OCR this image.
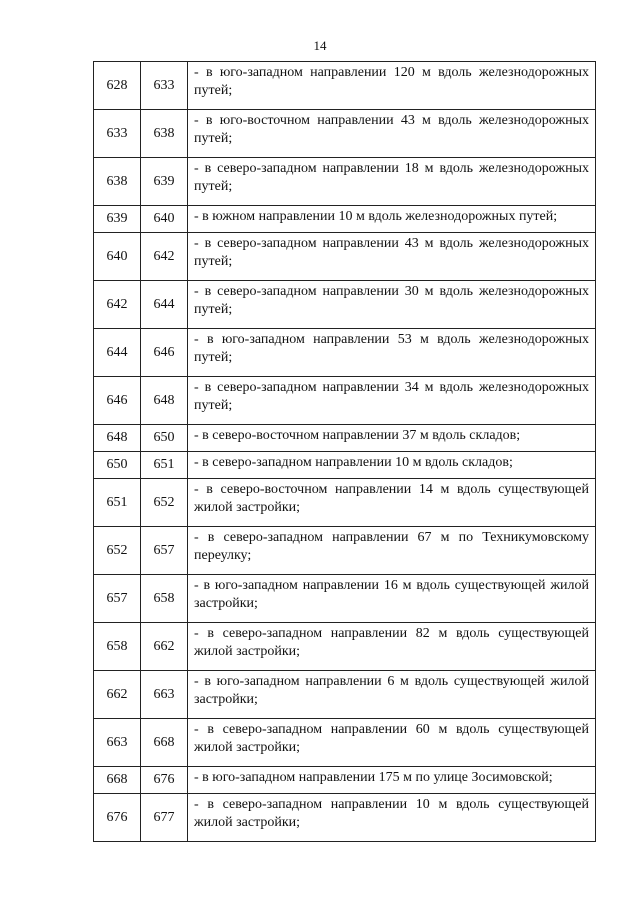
14
628	633	- в юго-западном направлении 120 м вдоль железнодорожных путей;
633	638	- в юго-восточном направлении 43 м вдоль железнодорожных путей;
638	639	- в северо-западном направлении 18 м вдоль железнодорожных путей;
639	640	- в южном направлении 10 м вдоль железнодорожных путей;
640	642	- в северо-западном направлении 43 м вдоль железнодорожных путей;
642	644	- в северо-западном направлении 30 м вдоль железнодорожных путей;
644	646	- в юго-западном направлении 53 м вдоль железнодорожных путей;
646	648	- в северо-западном направлении 34 м вдоль железнодорожных путей;
648	650	- в северо-восточном направлении 37 м вдоль складов;
650	651	- в северо-западном направлении 10 м вдоль складов;
651	652	- в северо-восточном направлении 14 м вдоль существующей жилой застройки;
652	657	- в северо-западном направлении 67 м по Техникумовскому переулку;
657	658	- в юго-западном направлении 16 м вдоль существующей жилой застройки;
658	662	- в северо-западном направлении 82 м вдоль существующей жилой застройки;
662	663	- в юго-западном направлении 6 м вдоль существующей жилой застройки;
663	668	- в северо-западном направлении 60 м вдоль существующей жилой застройки;
668	676	- в юго-западном направлении 175 м по улице Зосимовской;
676	677	- в северо-западном направлении 10 м вдоль существующей жилой застройки;
